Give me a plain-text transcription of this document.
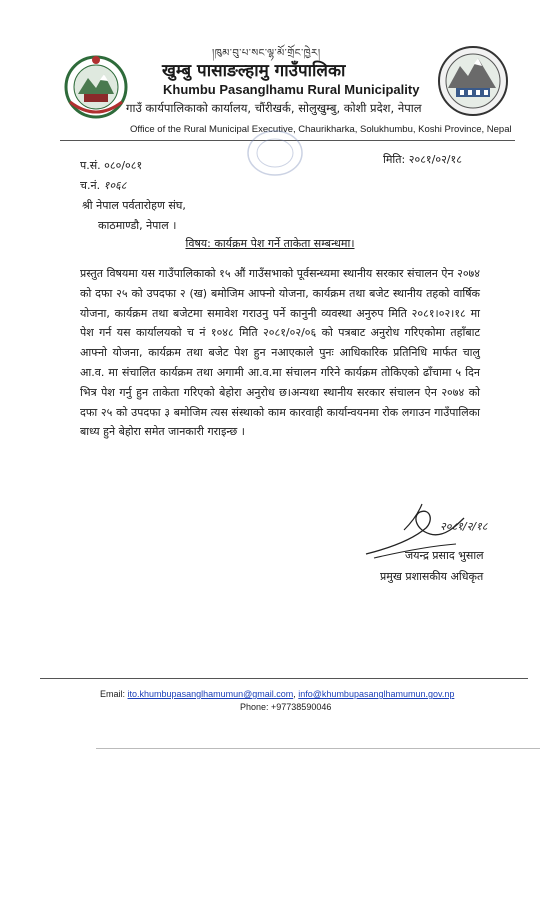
།ཁུམ་བུ་པ་སང་ལྷ་མོ་གྲོང་ཁྱེར།
खुम्बु पासाङल्हामु गाउँपालिका
Khumbu Pasanglhamu Rural Municipality
गाउँ कार्यपालिकाको कार्यालय, चौंरीखर्क, सोलुखुम्बु, कोशी प्रदेश, नेपाल
Office of the Rural Municipal Executive, Chaurikharka, Solukhumbu, Koshi Province, Nepal
प.सं. ०८०/०८१
च.नं. १०६८
मिति: २०८१/०२/१८
श्री नेपाल पर्वतारोहण संघ,
काठमाण्डौ, नेपाल ।
विषय: कार्यक्रम पेश गर्ने ताकेता सम्बन्धमा।
प्रस्तुत विषयमा यस गाउँपालिकाको १५ औं गाउँसभाको पूर्वसन्ध्यमा स्थानीय सरकार संचालन ऐन २०७४ को दफा २५ को उपदफा २ (ख) बमोजिम आफ्नो योजना, कार्यक्रम तथा बजेट स्थानीय तहको वार्षिक योजना, कार्यक्रम तथा बजेटमा समावेश गराउनु पर्ने कानुनी व्यवस्था अनुरुप मिति २०८१।०२।१८ मा पेश गर्न यस कार्यालयको च नं १०४८ मिति २०८१/०२/०६ को पत्रबाट अनुरोध गरिएकोमा तहाँबाट आफ्नो योजना, कार्यक्रम तथा बजेट पेश हुन नआएकाले पुनः आधिकारिक प्रतिनिधि मार्फत चालु आ.व. मा संचालित कार्यक्रम तथा अगामी आ.व.मा संचालन गरिने कार्यक्रम तोकिएको ढाँचामा ५ दिन भित्र पेश गर्नु हुन ताकेता गरिएको बेहोरा अनुरोध छ।अन्यथा स्थानीय सरकार संचालन ऐन २०७४ को दफा २५ को उपदफा ३ बमोजिम त्यस संस्थाको काम कारवाही कार्यान्वयनमा रोक लगाउन गाउँपालिका बाध्य हुने बेहोरा समेत जानकारी गराइन्छ ।
२०८१/२/१८
जयन्द्र प्रसाद भुसाल
प्रमुख प्रशासकीय अधिकृत
Email: ito.khumbupasanglhamumun@gmail.com, info@khumbupasanglhamumun.gov.np
Phone: +97738590046
